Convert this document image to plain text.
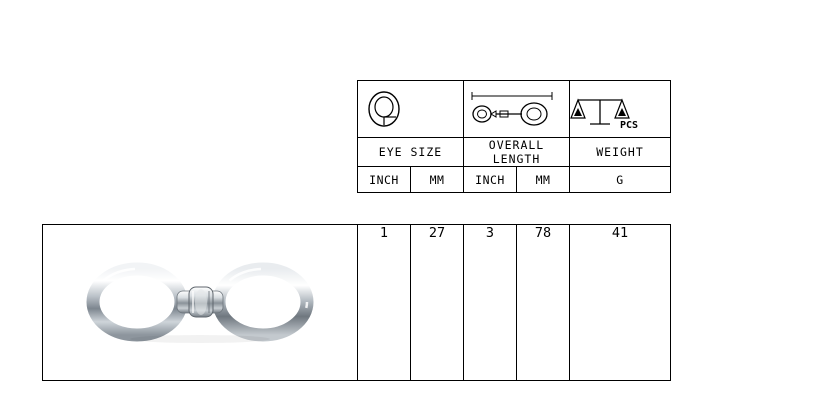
PCS

EYE SIZE		OVERALL LENGTH		WEIGHT
INCH	MM	INCH	MM	G
	1	27	3	78	41
